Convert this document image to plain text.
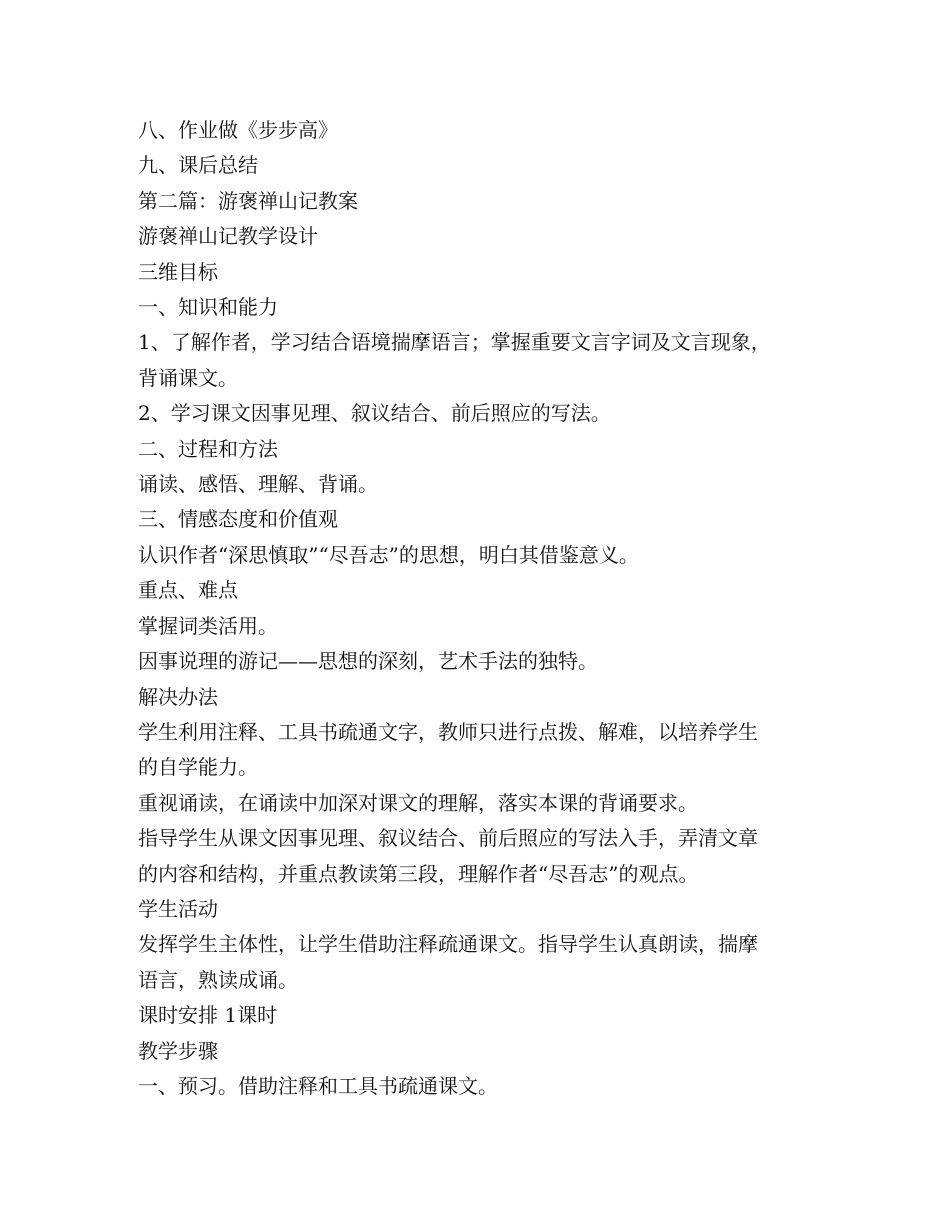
八、作业做《步步高》

九、课后总结

第二篇：游褒禅山记教案

游褒禅山记教学设计

三维目标

一、知识和能力

1、了解作者，学习结合语境揣摩语言；掌握重要文言字词及文言现象，

背诵课文。

2、学习课文因事见理、叙议结合、前后照应的写法。

二、过程和方法

诵读、感悟、理解、背诵。

三、情感态度和价值观

认识作者“深思慎取”“尽吾志”的思想，明白其借鉴意义。

重点、难点

掌握词类活用。

因事说理的游记——思想的深刻，艺术手法的独特。

解决办法

学生利用注释、工具书疏通文字，教师只进行点拨、解难，以培养学生

的自学能力。

重视诵读，在诵读中加深对课文的理解，落实本课的背诵要求。

指导学生从课文因事见理、叙议结合、前后照应的写法入手，弄清文章

的内容和结构，并重点教读第三段，理解作者“尽吾志”的观点。

学生活动

发挥学生主体性，让学生借助注释疏通课文。指导学生认真朗读，揣摩

语言，熟读成诵。

课时安排 1课时

教学步骤

一、预习。借助注释和工具书疏通课文。
